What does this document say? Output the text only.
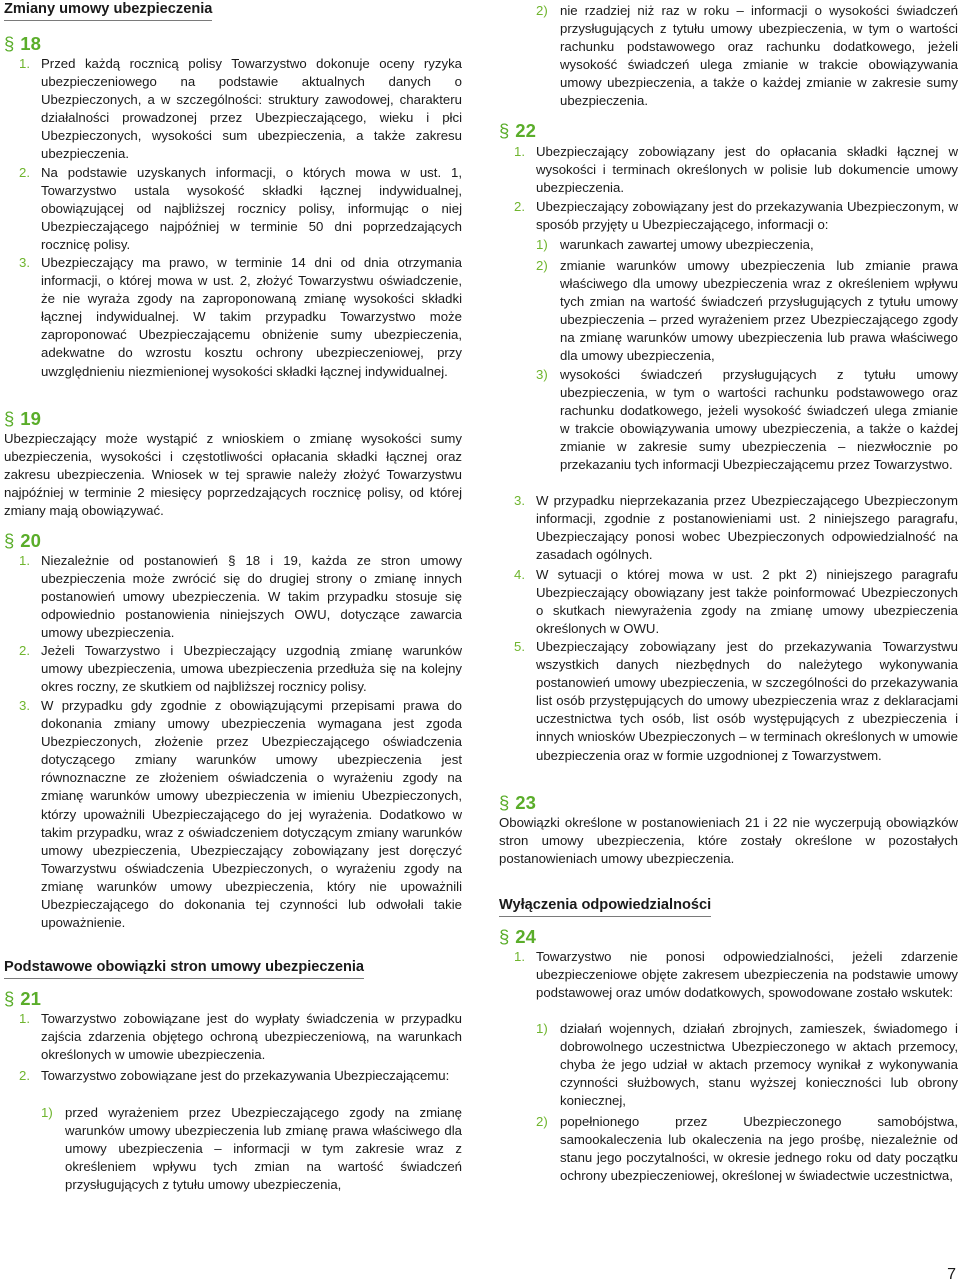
Zmiany umowy ubezpieczenia
§ 18
1. Przed każdą rocznicą polisy Towarzystwo dokonuje oceny ryzyka ubezpieczeniowego na podstawie aktualnych danych o Ubezpieczonych, a w szczególności: struktury zawodowej, charakteru działalności prowadzonej przez Ubezpieczającego, wieku i płci Ubezpieczonych, wysokości sum ubezpieczenia, a także zakresu ubezpieczenia.
2. Na podstawie uzyskanych informacji, o których mowa w ust. 1, Towarzystwo ustala wysokość składki łącznej indywidualnej, obowiązującej od najbliższej rocznicy polisy, informując o niej Ubezpieczającego najpóźniej w terminie 50 dni poprzedzających rocznicę polisy.
3. Ubezpieczający ma prawo, w terminie 14 dni od dnia otrzymania informacji, o której mowa w ust. 2, złożyć Towarzystwu oświadczenie, że nie wyraża zgody na zaproponowaną zmianę wysokości składki łącznej indywidualnej. W takim przypadku Towarzystwo może zaproponować Ubezpieczającemu obniżenie sumy ubezpieczenia, adekwatne do wzrostu kosztu ochrony ubezpieczeniowej, przy uwzględnieniu niezmienionej wysokości składki łącznej indywidualnej.
§ 19

Ubezpieczający może wystąpić z wnioskiem o zmianę wysokości sumy ubezpieczenia, wysokości i częstotliwości opłacania składki łącznej oraz zakresu ubezpieczenia. Wniosek w tej sprawie należy złożyć Towarzystwu najpóźniej w terminie 2 miesięcy poprzedzających rocznicę polisy, od której zmiany mają obowiązywać.

§ 20
1. Niezależnie od postanowień § 18 i 19, każda ze stron umowy ubezpieczenia może zwrócić się do drugiej strony o zmianę innych postanowień umowy ubezpieczenia. W takim przypadku stosuje się odpowiednio postanowienia niniejszych OWU, dotyczące zawarcia umowy ubezpieczenia.
2. Jeżeli Towarzystwo i Ubezpieczający uzgodnią zmianę warunków umowy ubezpieczenia, umowa ubezpieczenia przedłuża się na kolejny okres roczny, ze skutkiem od najbliższej rocznicy polisy.
3. W przypadku gdy zgodnie z obowiązującymi przepisami prawa do dokonania zmiany umowy ubezpieczenia wymagana jest zgoda Ubezpieczonych, złożenie przez Ubezpieczającego oświadczenia dotyczącego zmiany warunków umowy ubezpieczenia jest równoznaczne ze złożeniem oświadczenia o wyrażeniu zgody na zmianę warunków umowy ubezpieczenia w imieniu Ubezpieczonych, którzy upoważnili Ubezpieczającego do jej wyrażenia. Dodatkowo w takim przypadku, wraz z oświadczeniem dotyczącym zmiany warunków umowy ubezpieczenia, Ubezpieczający zobowiązany jest doręczyć Towarzystwu oświadczenia Ubezpieczonych, o wyrażeniu zgody na zmianę warunków umowy ubezpieczenia, który nie upoważnili Ubezpieczającego do dokonania tej czynności lub odwołali takie upoważnienie.
Podstawowe obowiązki stron umowy ubezpieczenia
§ 21
1. Towarzystwo zobowiązane jest do wypłaty świadczenia w przypadku zajścia zdarzenia objętego ochroną ubezpieczeniową, na warunkach określonych w umowie ubezpieczenia.
2. Towarzystwo zobowiązane jest do przekazywania Ubezpieczającemu:
1) przed wyrażeniem przez Ubezpieczającego zgody na zmianę warunków umowy ubezpieczenia lub zmianę prawa właściwego dla umowy ubezpieczenia – informacji w tym zakresie wraz z określeniem wpływu tych zmian na wartość świadczeń przysługujących z tytułu umowy ubezpieczenia,
2) nie rzadziej niż raz w roku – informacji o wysokości świadczeń przysługujących z tytułu umowy ubezpieczenia, w tym o wartości rachunku podstawowego oraz rachunku dodatkowego, jeżeli wysokość świadczeń ulega zmianie w trakcie obowiązywania umowy ubezpieczenia, a także o każdej zmianie w zakresie sumy ubezpieczenia.
§ 22
1. Ubezpieczający zobowiązany jest do opłacania składki łącznej w wysokości i terminach określonych w polisie lub dokumencie umowy ubezpieczenia.
2. Ubezpieczający zobowiązany jest do przekazywania Ubezpieczonym, w sposób przyjęty u Ubezpieczającego, informacji o:
1) warunkach zawartej umowy ubezpieczenia,
2) zmianie warunków umowy ubezpieczenia lub zmianie prawa właściwego dla umowy ubezpieczenia wraz z określeniem wpływu tych zmian na wartość świadczeń przysługujących z tytułu umowy ubezpieczenia – przed wyrażeniem przez Ubezpieczającego zgody na zmianę warunków umowy ubezpieczenia lub prawa właściwego dla umowy ubezpieczenia,
3) wysokości świadczeń przysługujących z tytułu umowy ubezpieczenia, w tym o wartości rachunku podstawowego oraz rachunku dodatkowego, jeżeli wysokość świadczeń ulega zmianie w trakcie obowiązywania umowy ubezpieczenia, a także o każdej zmianie w zakresie sumy ubezpieczenia – niezwłocznie po przekazaniu tych informacji Ubezpieczającemu przez Towarzystwo.
3. W przypadku nieprzekazania przez Ubezpieczającego Ubezpieczonym informacji, zgodnie z postanowieniami ust. 2 niniejszego paragrafu, Ubezpieczający ponosi wobec Ubezpieczonych odpowiedzialność na zasadach ogólnych.
4. W sytuacji o której mowa w ust. 2 pkt 2) niniejszego paragrafu Ubezpieczający obowiązany jest także poinformować Ubezpieczonych o skutkach niewyrażenia zgody na zmianę umowy ubezpieczenia określonych w OWU.
5. Ubezpieczający zobowiązany jest do przekazywania Towarzystwu wszystkich danych niezbędnych do należytego wykonywania postanowień umowy ubezpieczenia, w szczególności do przekazywania list osób przystępujących do umowy ubezpieczenia wraz z deklaracjami uczestnictwa tych osób, list osób występujących z ubezpieczenia i innych wniosków Ubezpieczonych – w terminach określonych w umowie ubezpieczenia oraz w formie uzgodnionej z Towarzystwem.
§ 23

Obowiązki określone w postanowieniach 21 i 22 nie wyczerpują obowiązków stron umowy ubezpieczenia, które zostały określone w pozostałych postanowieniach umowy ubezpieczenia.

Wyłączenia odpowiedzialności
§ 24
1. Towarzystwo nie ponosi odpowiedzialności, jeżeli zdarzenie ubezpieczeniowe objęte zakresem ubezpieczenia na podstawie umowy podstawowej oraz umów dodatkowych, spowodowane zostało wskutek:
1) działań wojennych, działań zbrojnych, zamieszek, świadomego i dobrowolnego uczestnictwa Ubezpieczonego w aktach przemocy, chyba że jego udział w aktach przemocy wynikał z wykonywania czynności służbowych, stanu wyższej konieczności lub obrony koniecznej,
2) popełnionego przez Ubezpieczonego samobójstwa, samookaleczenia lub okaleczenia na jego prośbę, niezależnie od stanu jego poczytalności, w okresie jednego roku od daty początku ochrony ubezpieczeniowej, określonej w świadectwie uczestnictwa,
7
